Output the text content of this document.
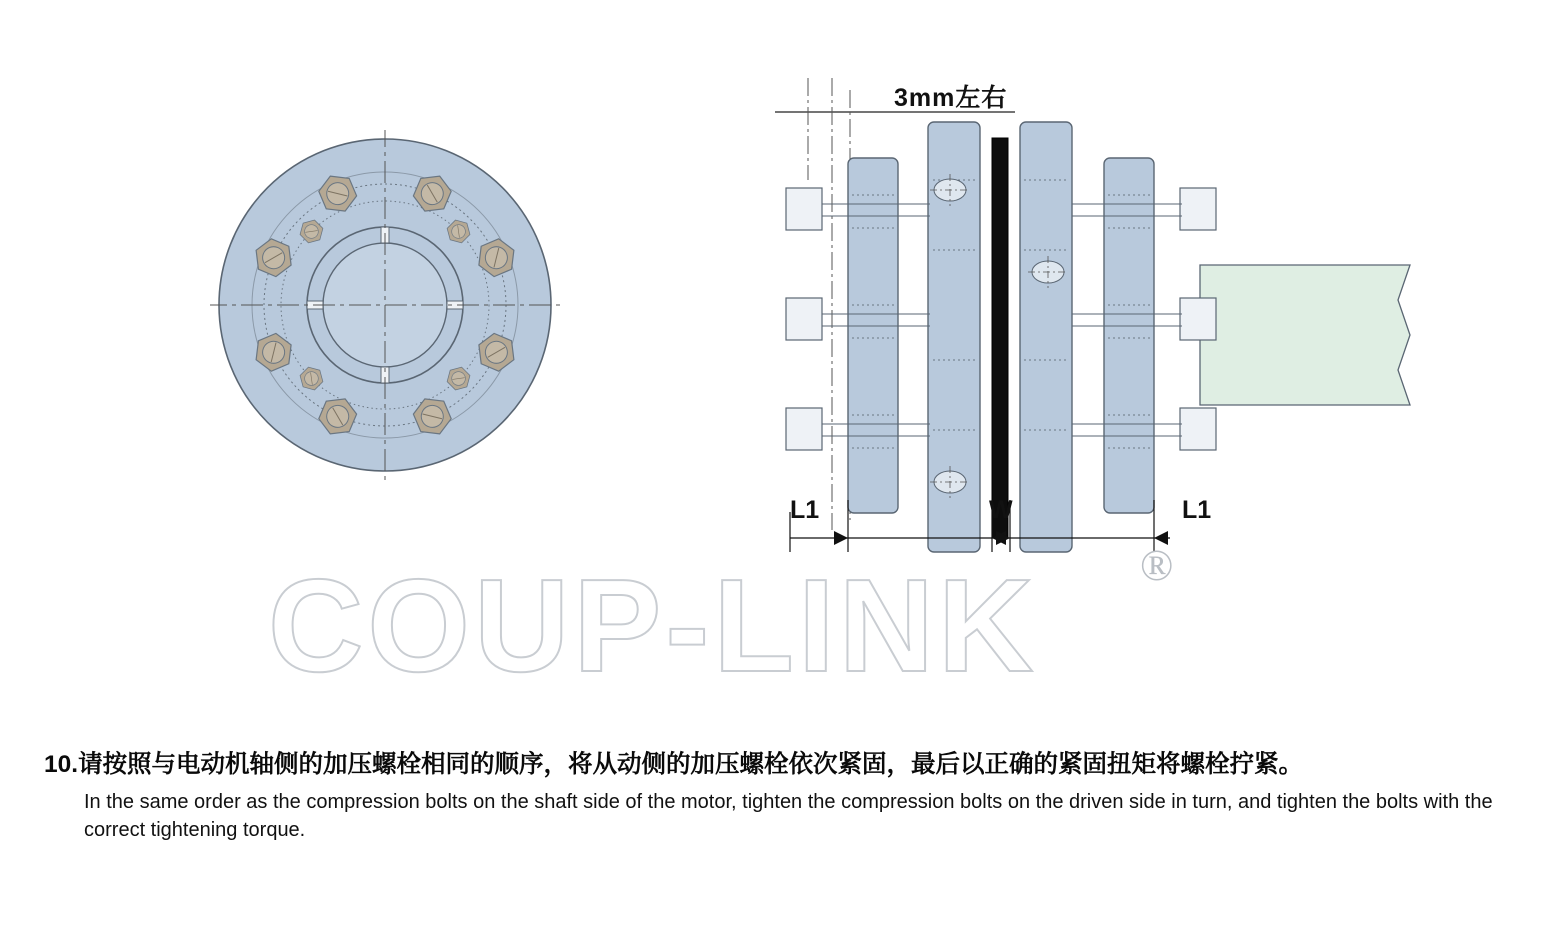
3mm左右
L1	W	L1
COUP-LINK	®
10.请按照与电动机轴侧的加压螺栓相同的顺序，将从动侧的加压螺栓依次紧固，最后以正确的紧固扭矩将螺栓拧紧。
In the same order as the compression bolts on the shaft side of the motor, tighten the compression bolts on the driven side in turn, and tighten the bolts with the correct tightening torque.
